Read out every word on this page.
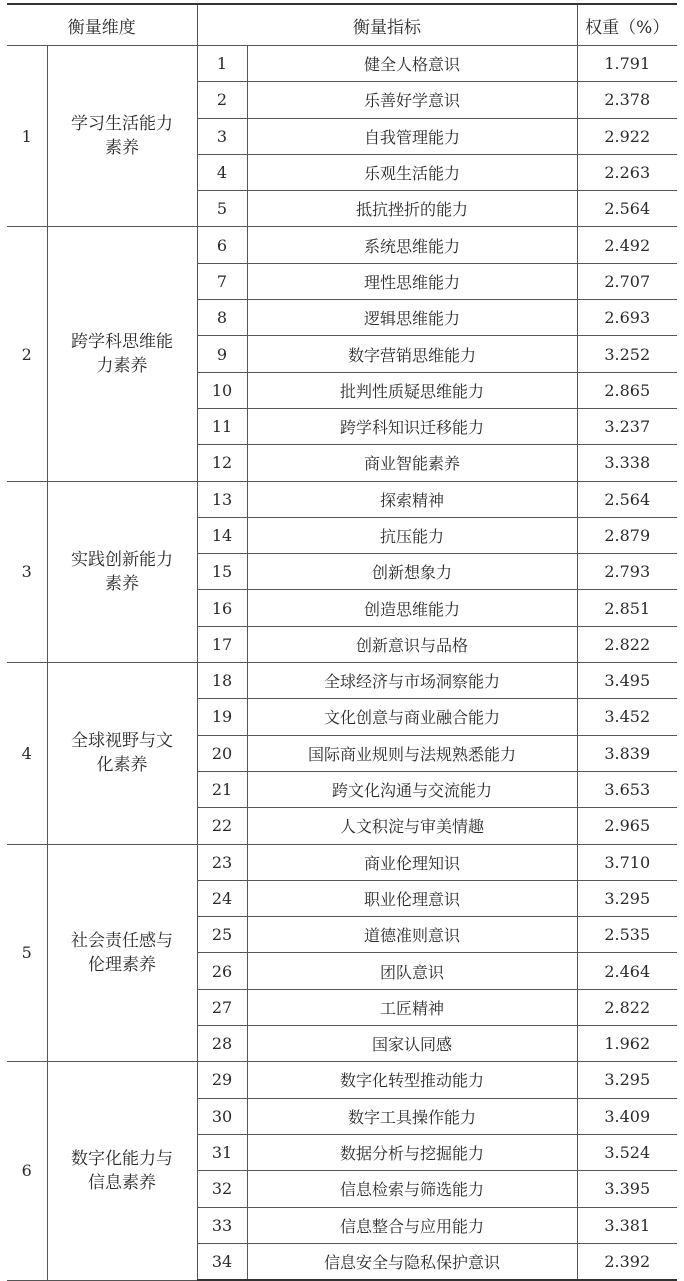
衡量维度		衡量指标		权重（%）
1	学习生活能力素养	1	健全人格意识	1.791
		2	乐善好学意识	2.378
		3	自我管理能力	2.922
		4	乐观生活能力	2.263
		5	抵抗挫折的能力	2.564
2	跨学科思维能力素养	6	系统思维能力	2.492
		7	理性思维能力	2.707
		8	逻辑思维能力	2.693
		9	数字营销思维能力	3.252
		10	批判性质疑思维能力	2.865
		11	跨学科知识迁移能力	3.237
		12	商业智能素养	3.338
3	实践创新能力素养	13	探索精神	2.564
		14	抗压能力	2.879
		15	创新想象力	2.793
		16	创造思维能力	2.851
		17	创新意识与品格	2.822
4	全球视野与文化素养	18	全球经济与市场洞察能力	3.495
		19	文化创意与商业融合能力	3.452
		20	国际商业规则与法规熟悉能力	3.839
		21	跨文化沟通与交流能力	3.653
		22	人文积淀与审美情趣	2.965
5	社会责任感与伦理素养	23	商业伦理知识	3.710
		24	职业伦理意识	3.295
		25	道德准则意识	2.535
		26	团队意识	2.464
		27	工匠精神	2.822
		28	国家认同感	1.962
6	数字化能力与信息素养	29	数字化转型推动能力	3.295
		30	数字工具操作能力	3.409
		31	数据分析与挖掘能力	3.524
		32	信息检索与筛选能力	3.395
		33	信息整合与应用能力	3.381
		34	信息安全与隐私保护意识	2.392
